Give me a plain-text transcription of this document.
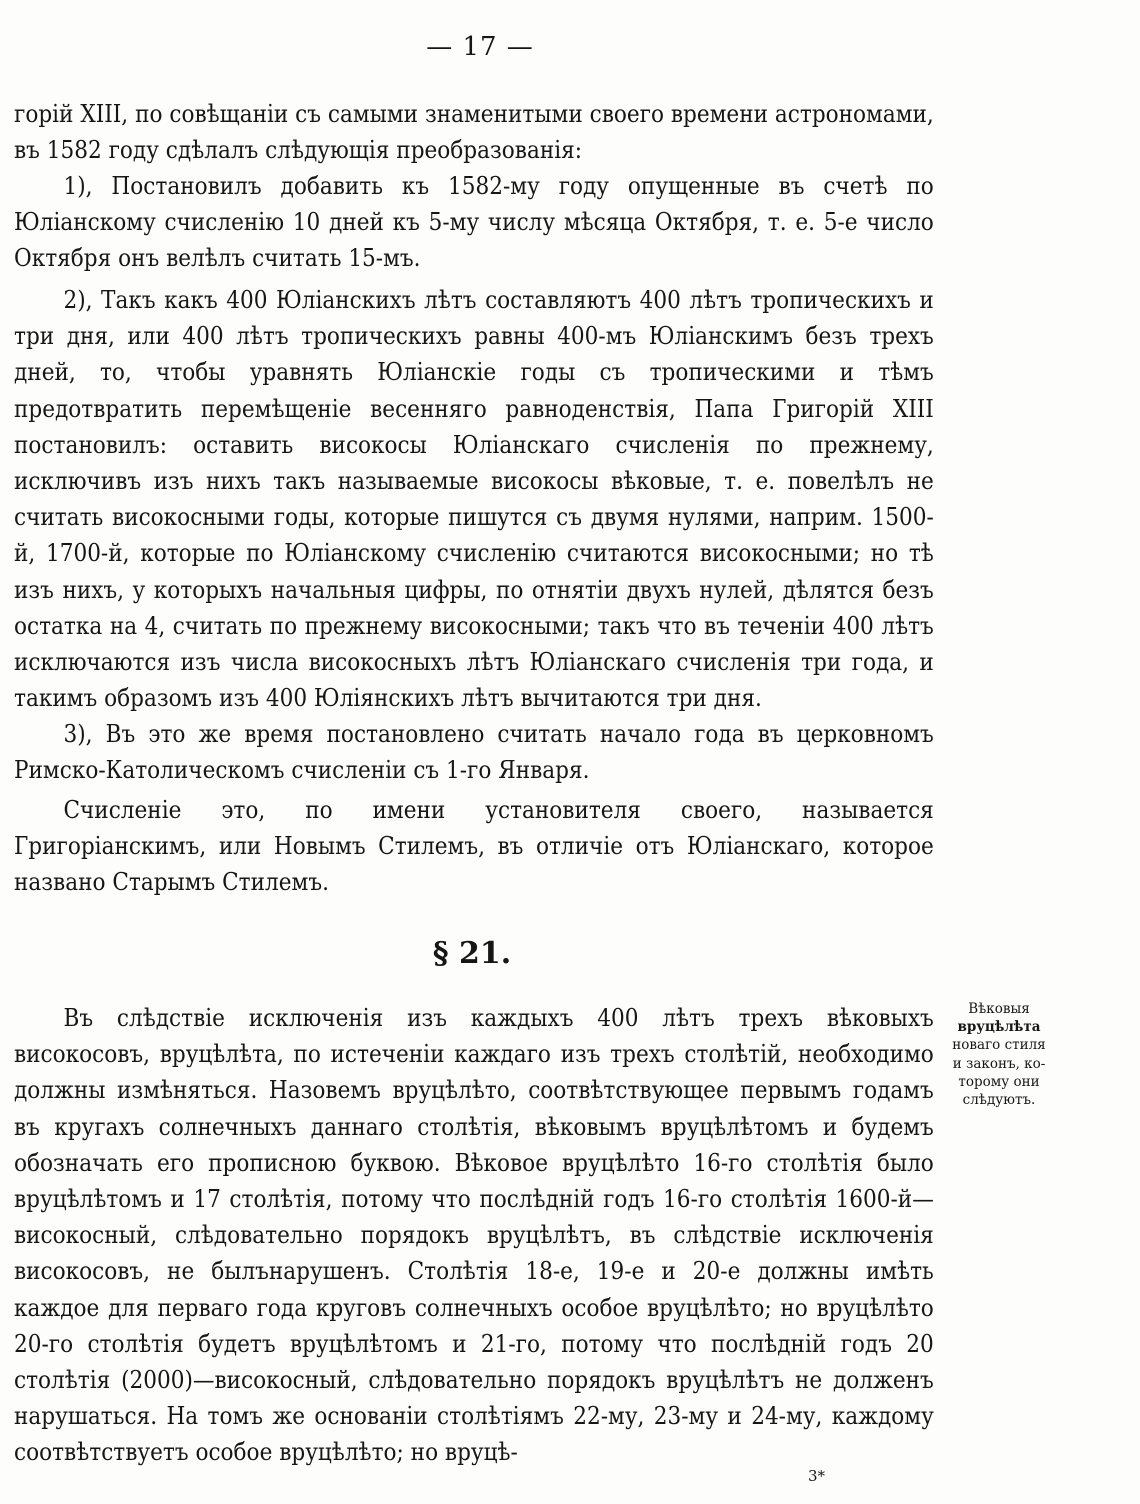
— 17 —

горій XIII, по совѣщаніи съ самыми знаменитыми своего времени астрономами, въ 1582 году сдѣлалъ слѣдующія преобразованія:

1), Постановилъ добавить къ 1582-му году опущенные въ счетѣ по Юліанскому счисленію 10 дней къ 5-му числу мѣсяца Октября, т. е. 5-е число Октября онъ велѣлъ считать 15-мъ.

2), Такъ какъ 400 Юліанскихъ лѣтъ составляютъ 400 лѣтъ тропическихъ и три дня, или 400 лѣтъ тропическихъ равны 400-мъ Юліанскимъ безъ трехъ дней, то, чтобы уравнять Юліанскіе годы съ тропическими и тѣмъ предотвратить перемѣщеніе весенняго равноденствія, Папа Григорій XIII постановилъ: оставить високосы Юліанскаго счисленія по прежнему, исключивъ изъ нихъ такъ называемые високосы вѣковые, т. е. повелѣлъ не считать високосными годы, которые пишутся съ двумя нулями, наприм. 1500-й, 1700-й, которые по Юліанскому счисленію считаются високосными; но тѣ изъ нихъ, у которыхъ начальныя цифры, по отнятіи двухъ нулей, дѣлятся безъ остатка на 4, считать по прежнему високосными; такъ что въ теченіи 400 лѣтъ исключаются изъ числа високосныхъ лѣтъ Юліанскаго счисленія три года, и такимъ образомъ изъ 400 Юліянскихъ лѣтъ вычитаются три дня.

3), Въ это же время постановлено считать начало года въ церковномъ Римско-Католическомъ счисленіи съ 1-го Января.

Счисленіе это, по имени установителя своего, называется Григоріанскимъ, или Новымъ Стилемъ, въ отличіе отъ Юліанскаго, которое названо Старымъ Стилемъ.

§ 21.

Въ слѣдствіе исключенія изъ каждыхъ 400 лѣтъ трехъ вѣковыхъ високосовъ, вруцѣлѣта, по истеченіи каждаго изъ трехъ столѣтій, необходимо должны измѣняться. Назовемъ вруцѣлѣто, соотвѣтствующее первымъ годамъ въ кругахъ солнечныхъ даннаго столѣтія, вѣковымъ вруцѣлѣтомъ и будемъ обозначать его прописною буквою. Вѣковое вруцѣлѣто 16-го столѣтія было вруцѣлѣтомъ и 17 столѣтія, потому что послѣдній годъ 16-го столѣтія 1600-й—високосный, слѣдовательно порядокъ вруцѣлѣтъ, въ слѣдствіе исключенія високосовъ, не былънарушенъ. Столѣтія 18-е, 19-е и 20-е должны имѣть каждое для перваго года круговъ солнечныхъ особое вруцѣлѣто; но вруцѣлѣто 20-го столѣтія будетъ вруцѣлѣтомъ и 21-го, потому что послѣдній годъ 20 столѣтія (2000)—високосный, слѣдовательно порядокъ вруцѣлѣтъ не долженъ нарушаться. На томъ же основаніи столѣтіямъ 22-му, 23-му и 24-му, каждому соотвѣтствуетъ особое вруцѣлѣто; но вруцѣ-

Вѣковыя
вруцѣлѣта
новаго стиля
и законъ, ко-
торому они
слѣдуютъ.
3*
